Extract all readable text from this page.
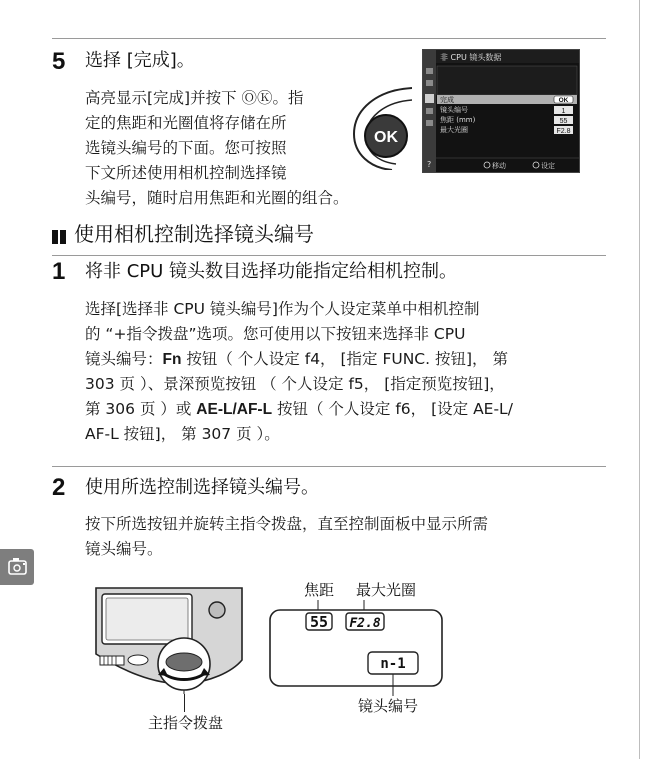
5 选择 [完成]。
高亮显示[完成]并按下 ⓄⓀ。指
定的焦距和光圈值将存储在所
选镜头编号的下面。您可按照
下文所述使用相机控制选择镜
头编号，随时启用焦距和光圈的组合。
OK
非 CPU 镜头数据
?
完成	OK
镜头编号	1
焦距 (mm)	55
最大光圈	F2.8
移动	设定
使用相机控制选择镜头编号
1 将非 CPU 镜头数目选择功能指定给相机控制。
选择[选择非 CPU 镜头编号]作为个人设定菜单中相机控制
的 “+指令拨盘”选项。您可使用以下按钮来选择非 CPU
镜头编号：Fn 按钮（ 个人设定 f4， [指定 FUNC. 按钮]， 第
303 页 ）、景深预览按钮 （ 个人设定 f5， [指定预览按钮]，
第 306 页 ）或 AE-L/AF-L 按钮（ 个人设定 f6， [设定 AE-L/
AF-L 按钮]， 第 307 页 ）。
2 使用所选控制选择镜头编号。
按下所选按钮并旋转主指令拨盘，直至控制面板中显示所需
镜头编号。
主指令拨盘
焦距 最大光圈
55 F2.8
n-1
镜头编号
